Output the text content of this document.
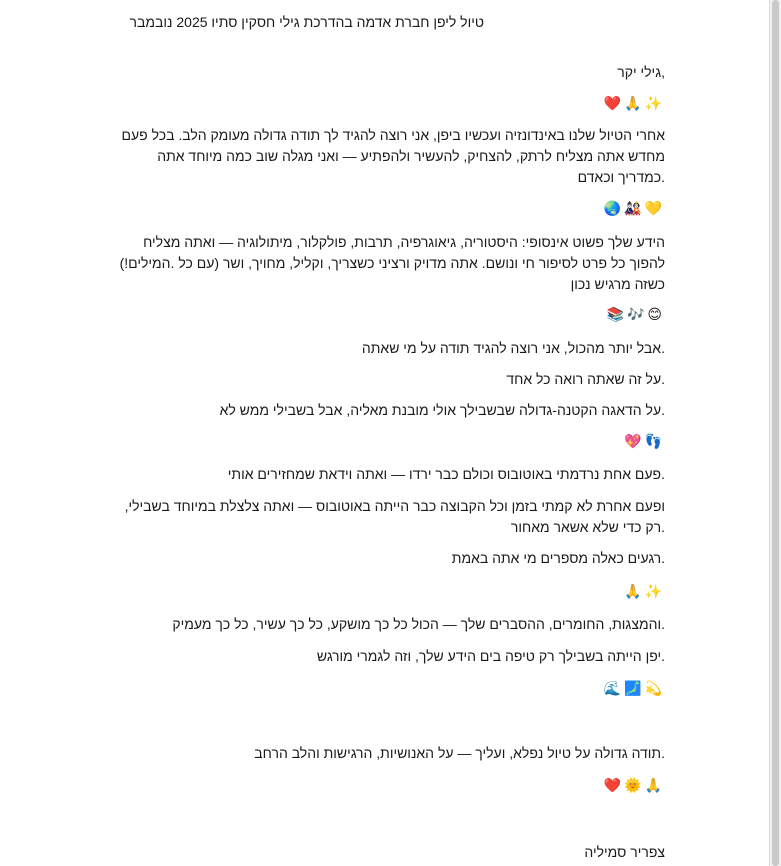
טיול ליפן חברת אדמה בהדרכת גילי חסקין סתיו 2025 נובמבר

,גילי יקר

✨🙏❤️

אחרי הטיול שלנו באינדונזיה ועכשיו ביפן, אני רוצה להגיד לך תודה גדולה מעומק הלב. בכל פעם מחדש אתה מצליח לרתק, להצחיק, להעשיר ולהפתיע — ואני מגלה שוב כמה מיוחד אתה .כמדריך וכאדם

💛🎎🌏

הידע שלך פשוט אינסופי: היסטוריה, גיאוגרפיה, תרבות, פולקלור, מיתולוגיה — ואתה מצליח להפוך כל פרט לסיפור חי ונושם. אתה מדויק ורציני כשצריך, וקליל, מחויך, ושר (עם כל .המילים!) כשזה מרגיש נכון

😊🎶📚

.אבל יותר מהכול, אני רוצה להגיד תודה על מי שאתה

.על זה שאתה רואה כל אחד

.על הדאגה הקטנה-גדולה שבשבילך אולי מובנת מאליה, אבל בשבילי ממש לא

👣💖

.פעם אחת נרדמתי באוטובוס וכולם כבר ירדו — ואתה וידאת שמחזירים אותי

ופעם אחרת לא קמתי בזמן וכל הקבוצה כבר הייתה באוטובוס — ואתה צלצלת במיוחד בשבילי, .רק כדי שלא אשאר מאחור

.רגעים כאלה מספרים מי אתה באמת

✨🙏

.והמצגות, החומרים, ההסברים שלך — הכול כל כך מושקע, כל כך עשיר, כל כך מעמיק

.יפן הייתה בשבילך רק טיפה בים הידע שלך, וזה לגמרי מורגש

💫🗾🌊

.תודה גדולה על טיול נפלא, ועליך — על האנושיות, הרגישות והלב הרחב

🙏🌞❤️

צפריר סמיליה
